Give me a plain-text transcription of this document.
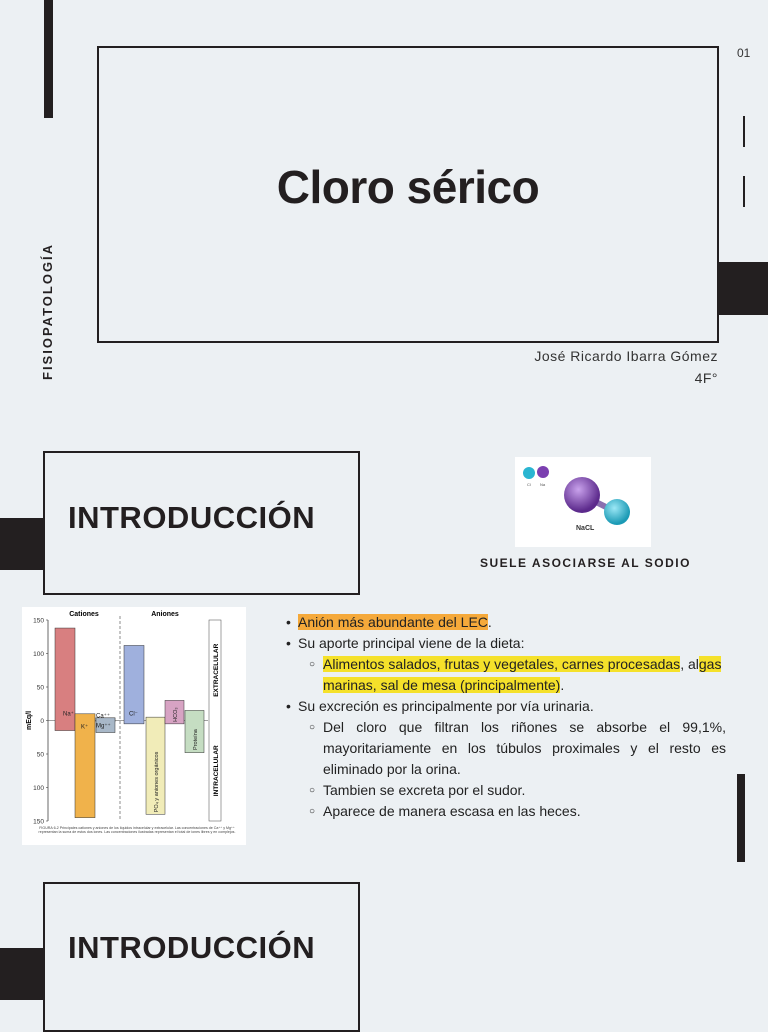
Cloro sérico
01
FISIOPATOLOGÍA	José Ricardo Ibarra Gómez
4F°
INTRODUCCIÓN
Cl Na
NaCL
SUELE ASOCIARSE AL SODIO
Cationes	Aniones
150
100
50
0
50
100
150
mEq/l	Na⁺
K⁺
Ca⁺⁺
Mg⁺⁺
Cl⁻
PO₄ y aniones orgánicos
HCO₃
Proteína
EXTRACELULAR
INTRACELULAR
FIGURA 6-2 Principales cationes y aniones de los líquidos intracelular y extracelular. Las concentraciones de Ca⁺⁺ y Mg⁺⁺ representan la suma de estos dos iones. Las concentraciones ilustradas representan el total de iones libres y en complejos.
• Anión más abundante del LEC.
• Su aporte principal viene de la dieta:
○ Alimentos salados, frutas y vegetales, carnes procesadas, algas marinas, sal de mesa (principalmente).
• Su excreción es principalmente por vía urinaria.
○ Del cloro que filtran los riñones se absorbe el 99,1%, mayoritariamente en los túbulos proximales y el resto es eliminado por la orina.
○ Tambien se excreta por el sudor.
○ Aparece de manera escasa en las heces.
INTRODUCCIÓN
